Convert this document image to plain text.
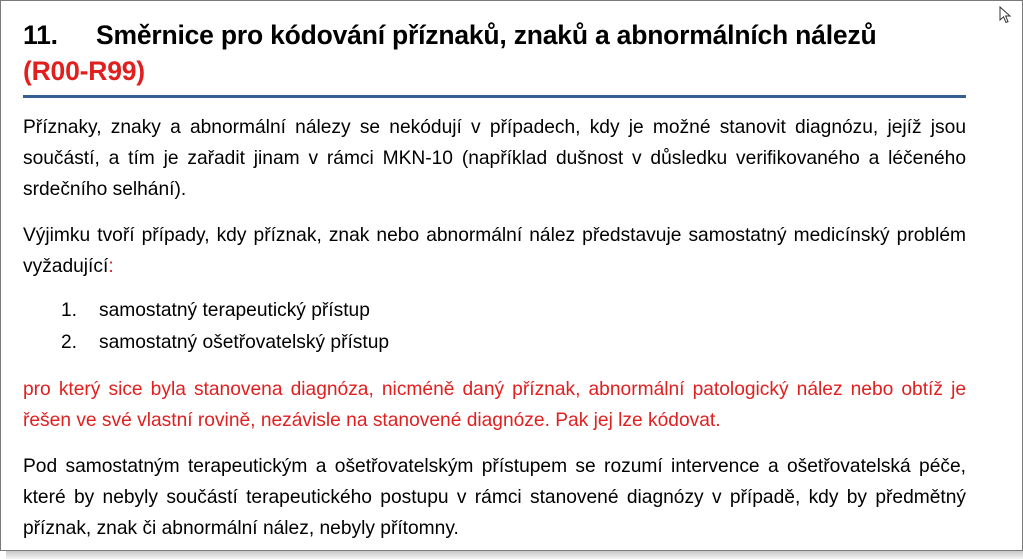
11. Směrnice pro kódování příznaků, znaků a abnormálních nálezů
(R00-R99)

Příznaky, znaky a abnormální nálezy se nekódují v případech, kdy je možné stanovit diagnózu, jejíž jsou součástí, a tím je zařadit jinam v rámci MKN-10 (například dušnost v důsledku verifikovaného a léčeného srdečního selhání).

Výjimku tvoří případy, kdy příznak, znak nebo abnormální nález představuje samostatný medicínský problém vyžadující:

1.	samostatný terapeutický přístup
2.	samostatný ošetřovatelský přístup

pro který sice byla stanovena diagnóza, nicméně daný příznak, abnormální patologický nález nebo obtíž je řešen ve své vlastní rovině, nezávisle na stanovené diagnóze. Pak jej lze kódovat.

Pod samostatným terapeutickým a ošetřovatelským přístupem se rozumí intervence a ošetřovatelská péče, které by nebyly součástí terapeutického postupu v rámci stanovené diagnózy v případě, kdy by předmětný příznak, znak či abnormální nález, nebyly přítomny.
